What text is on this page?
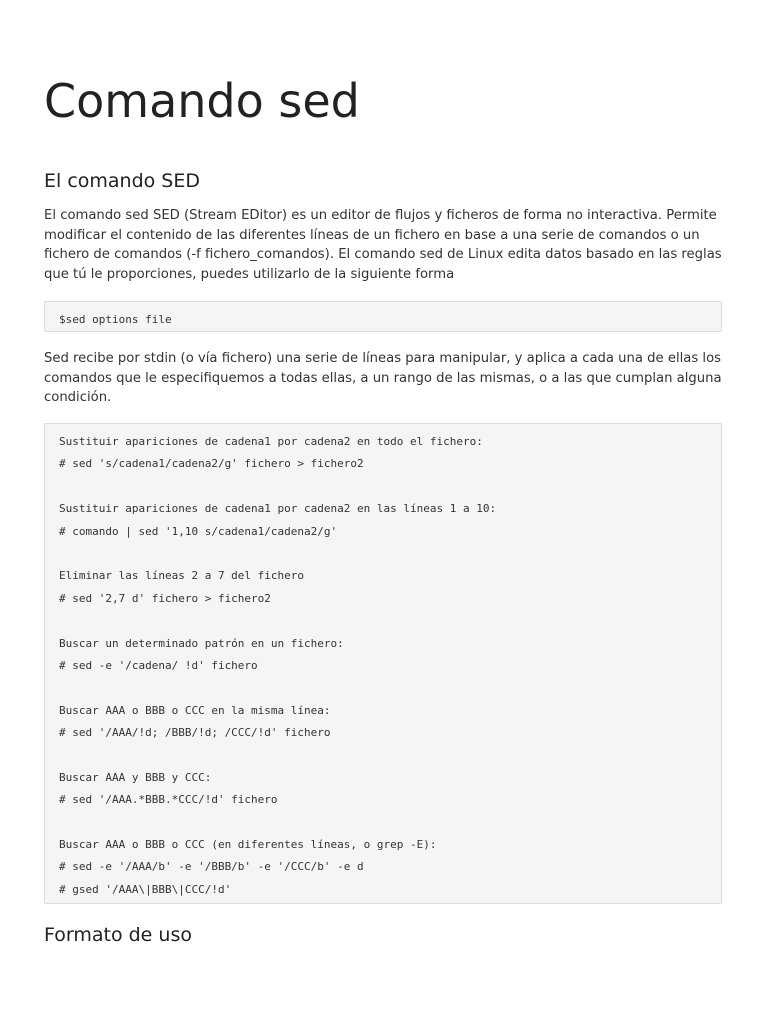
Comando sed
El comando SED

El comando sed SED (Stream EDitor) es un editor de flujos y ficheros de forma no interactiva. Permite modificar el contenido de las diferentes líneas de un fichero en base a una serie de comandos o un fichero de comandos (-f fichero_comandos). El comando sed de Linux edita datos basado en las reglas que tú le proporciones, puedes utilizarlo de la siguiente forma

$sed options file

Sed recibe por stdin (o vía fichero) una serie de líneas para manipular, y aplica a cada una de ellas los comandos que le especifiquemos a todas ellas, a un rango de las mismas, o a las que cumplan alguna condición.

Sustituir apariciones de cadena1 por cadena2 en todo el fichero:
# sed 's/cadena1/cadena2/g' fichero > fichero2
Sustituir apariciones de cadena1 por cadena2 en las líneas 1 a 10:
# comando | sed '1,10 s/cadena1/cadena2/g'
Eliminar las líneas 2 a 7 del fichero
# sed '2,7 d' fichero > fichero2
Buscar un determinado patrón en un fichero:
# sed -e '/cadena/ !d' fichero
Buscar AAA o BBB o CCC en la misma línea:
# sed '/AAA/!d; /BBB/!d; /CCC/!d' fichero
Buscar AAA y BBB y CCC:
# sed '/AAA.*BBB.*CCC/!d' fichero
Buscar AAA o BBB o CCC (en diferentes líneas, o grep -E):
# sed -e '/AAA/b' -e '/BBB/b' -e '/CCC/b' -e d
# gsed '/AAA\|BBB\|CCC/!d'
Formato de uso
